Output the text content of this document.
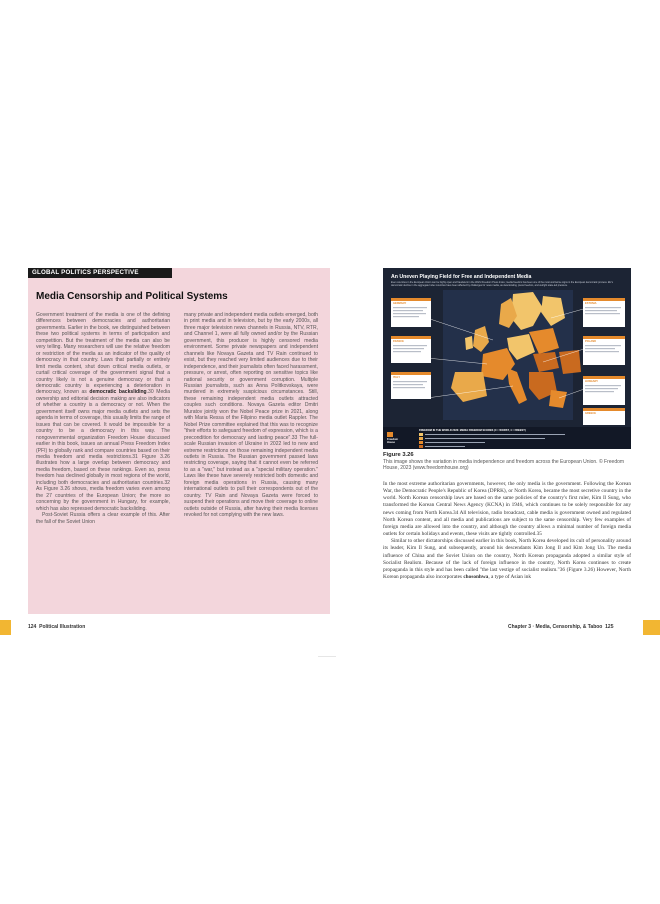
GLOBAL POLITICS PERSPECTIVE
Media Censorship and Political Systems

Government treatment of the media is one of the defining differences between democracies and authoritarian governments. Earlier in the book, we distinguished between these two political systems in terms of participation and competition. But the treatment of the media can also be very telling. Many researchers will use the relative freedom or restriction of the media as an indicator of the quality of democracy in that country. Laws that partially or entirely limit media content, shut down critical media outlets, or curtail critical coverage of the government signal that a country likely is not a genuine democracy or that a democratic country is experiencing a deterioration in democracy, known as democratic backsliding.30 Media ownership and editorial decision making are also indicators of whether a country is a democracy or not. When the government itself owns major media outlets and sets the agenda in terms of coverage, this usually limits the range of issues that can be covered. It would be impossible for a country to be a democracy in this way. The nongovernmental organization Freedom House discussed earlier in this book, issues an annual Press Freedom Index (PFI) to globally rank and compare countries based on their media freedom and media restrictions.31 Figure 3.26 illustrates how a large overlap between democracy and media freedom, based on these rankings. Even so, press freedom has declined globally in most regions of the world, including both democracies and authoritarian countries.32 As Figure 3.26 shows, media freedom varies even among the 27 countries of the European Union; the more so concerning by the government in Hungary, for example, which has also repressed democratic backsliding.

Post-Soviet Russia offers a clear example of this. After the fall of the Soviet Union

many private and independent media outlets emerged, both in print media and in television, but by the early 2000s, all three major television news channels in Russia, NTV, RTR, and Channel 1, were all fully owned and/or by the Russian government, this producer is highly censored media environment. Some private newspapers and independent channels like Novaya Gazeta and TV Rain continued to exist, but they reached very limited audiences due to their independence, and their journalists often faced harassment, pressure, or arrest, often reporting on sensitive topics like national security or government corruption. Multiple Russian journalists, such as Anna Politkovskaya, were murdered in extremely suspicious circumstances. Still, these remaining independent media outlets attracted couples such conditions. Novaya Gazeta editor Dmitri Muratov jointly won the Nobel Peace prize in 2021, along with Maria Ressa of the Filipino media outlet Rappler. The Nobel Prize committee explained that this was to recognize "their efforts to safeguard freedom of expression, which is a precondition for democracy and lasting peace".33 The full-scale Russian invasion of Ukraine in 2022 led to new and extreme restrictions on those remaining independent media outlets in Russia. The Russian government passed laws restricting coverage, saying that it cannot even be referred to as a "war," but instead as a "special military operation." Laws like these have severely restricted both domestic and foreign media operations in Russia, causing many international outlets to pull their correspondents out of the country. TV Rain and Novaya Gazeta were forced to suspend their operations and move their coverage to online outlets outside of Russia, after having their media licenses revoked for not complying with the new laws.

124 Political Illustration
An Uneven Playing Field for Free and Independent Media
Even countries in the European Union can be highly open and fraudulent in the World Freedom Press Index; media freedom has been one of the most worrisome signs in the European democratic process. EU's democratic decline in the aggregate Index countries have been affected by challenges for news media, as deteriorating, press freedom, and outright state-led pressure.
GERMANY
FRANCE
ITALY
ESTONIA
POLAND
HUNGARY
GREECE
FREEDOM IN THE WORLD 2023: MEDIA FREEDOM SCORES (0 = WORST, 4 = FREEST)
Freedom
House
Figure 3.26
This image shows the variation in media independence and freedom across the European Union. © Freedom House, 2023 (www.freedomhouse.org)

In the most extreme authoritarian governments, however, the only media is the government. Following the Korean War, the Democratic People's Republic of Korea (DPRK), or North Korea, became the most secretive country in the world. North Korean censorship laws are based on the same policies of the country's first ruler, Kim Il Sung, who transformed the Korean Central News Agency (KCNA) in 1946, which continues to be solely responsible for any news coming from North Korea.34 All television, radio broadcast, cable media is government owned and regulated North Korean content, and all media and publications are subject to the same censorship. Very few examples of foreign media are allowed into the country, and although the country allows a minimal number of foreign media outlets for certain holidays and events, these visits are tightly controlled.35

Similar to other dictatorships discussed earlier in this book, North Korea developed its cult of personality around its leader, Kim Il Sung, and subsequently, around his descendants Kim Jong Il and Kim Jong Un. The media influence of China and the Soviet Union on the country, North Korean propaganda adopted a similar style of Socialist Realism. Because of the lack of foreign influence in the country, North Korea continues to create propaganda in this style and has been called "the last vestige of socialist realism."36 (Figure 3.26) However, North Korean propaganda also incorporates chosonhwa, a type of Asian ink

Chapter 3 · Media, Censorship, & Taboo 125
